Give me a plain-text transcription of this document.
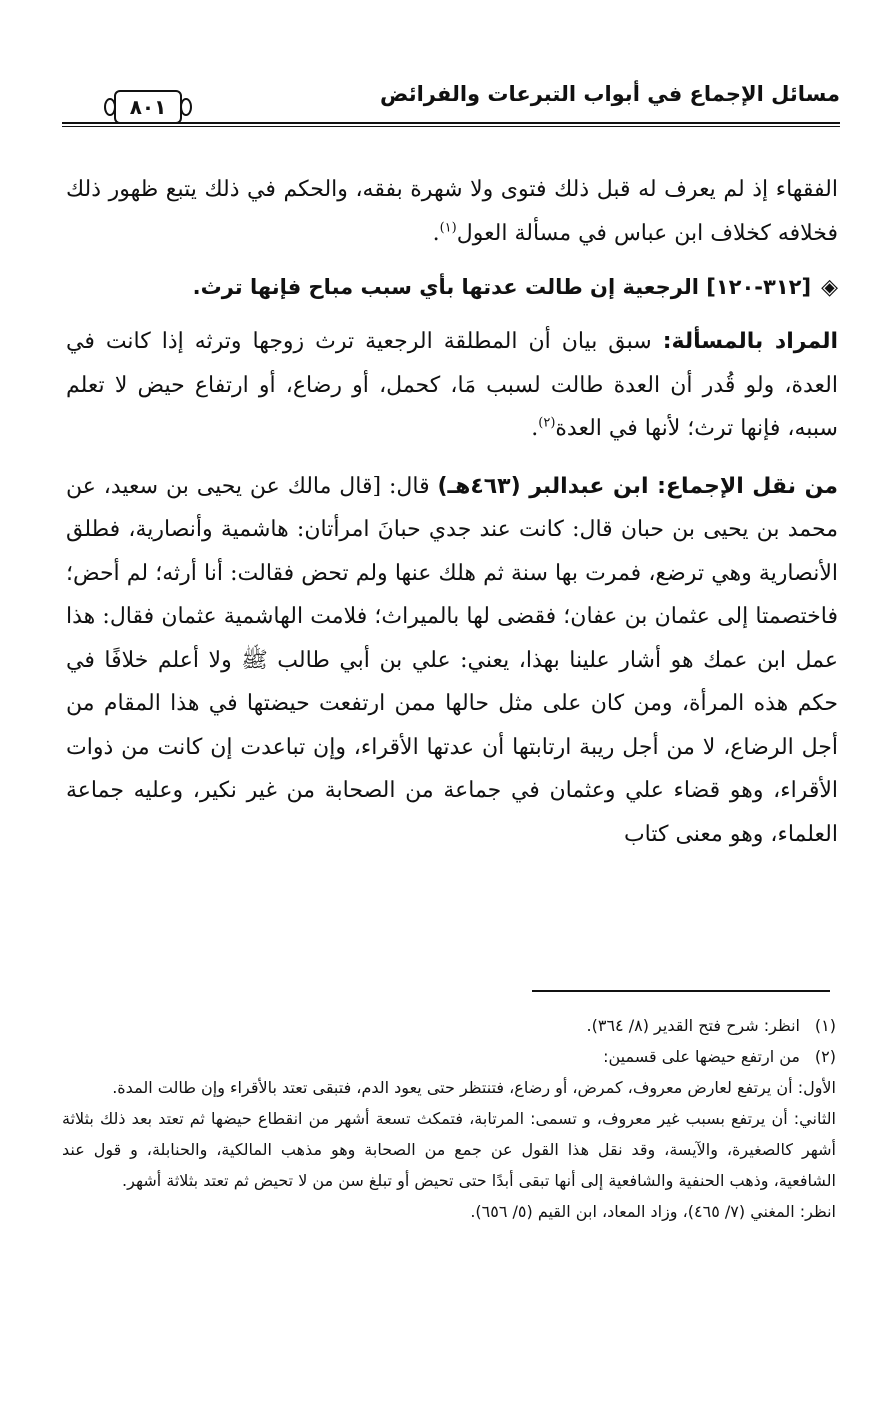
مسائل الإجماع في أبواب التبرعات والفرائض
٨٠١

الفقهاء إذ لم يعرف له قبل ذلك فتوى ولا شهرة بفقه، والحكم في ذلك يتبع ظهور ذلك فخلافه كخلاف ابن عباس في مسألة العول$^{(١)}$.

◈[٣١٢-١٢٠] الرجعية إن طالت عدتها بأي سبب مباح فإنها ترث.

المراد بالمسألة: سبق بيان أن المطلقة الرجعية ترث زوجها وترثه إذا كانت في العدة، ولو قُدر أن العدة طالت لسبب مَا، كحمل، أو رضاع، أو ارتفاع حيض لا تعلم سببه، فإنها ترث؛ لأنها في العدة$^{(٢)}$.

من نقل الإجماع: ابن عبدالبر (٤٦٣هـ) قال: [قال مالك عن يحيى بن سعيد، عن محمد بن يحيى بن حبان قال: كانت عند جدي حبانَ امرأتان: هاشمية وأنصارية، فطلق الأنصارية وهي ترضع، فمرت بها سنة ثم هلك عنها ولم تحض فقالت: أنا أرثه؛ لم أحض؛ فاختصمتا إلى عثمان بن عفان؛ فقضى لها بالميراث؛ فلامت الهاشمية عثمان فقال: هذا عمل ابن عمك هو أشار علينا بهذا، يعني: علي بن أبي طالب ﷺ ولا أعلم خلافًا في حكم هذه المرأة، ومن كان على مثل حالها ممن ارتفعت حيضتها في هذا المقام من أجل الرضاع، لا من أجل ريبة ارتابتها أن عدتها الأقراء، وإن تباعدت إن كانت من ذوات الأقراء، وهو قضاء علي وعثمان في جماعة من الصحابة من غير نكير، وعليه جماعة العلماء، وهو معنى كتاب

(١)انظر: شرح فتح القدير (٨/ ٣٦٤).

(٢)من ارتفع حيضها على قسمين:

الأول: أن يرتفع لعارض معروف، كمرض، أو رضاع، فتنتظر حتى يعود الدم، فتبقى تعتد بالأقراء وإن طالت المدة.

الثاني: أن يرتفع بسبب غير معروف، و تسمى: المرتابة، فتمكث تسعة أشهر من انقطاع حيضها ثم تعتد بعد ذلك بثلاثة أشهر كالصغيرة، والآيسة، وقد نقل هذا القول عن جمع من الصحابة وهو مذهب المالكية، والحنابلة، و قول عند الشافعية، وذهب الحنفية والشافعية إلى أنها تبقى أبدًا حتى تحيض أو تبلغ سن من لا تحيض ثم تعتد بثلاثة أشهر.

انظر: المغني (٧/ ٤٦٥)، وزاد المعاد، ابن القيم (٥/ ٦٥٦).
